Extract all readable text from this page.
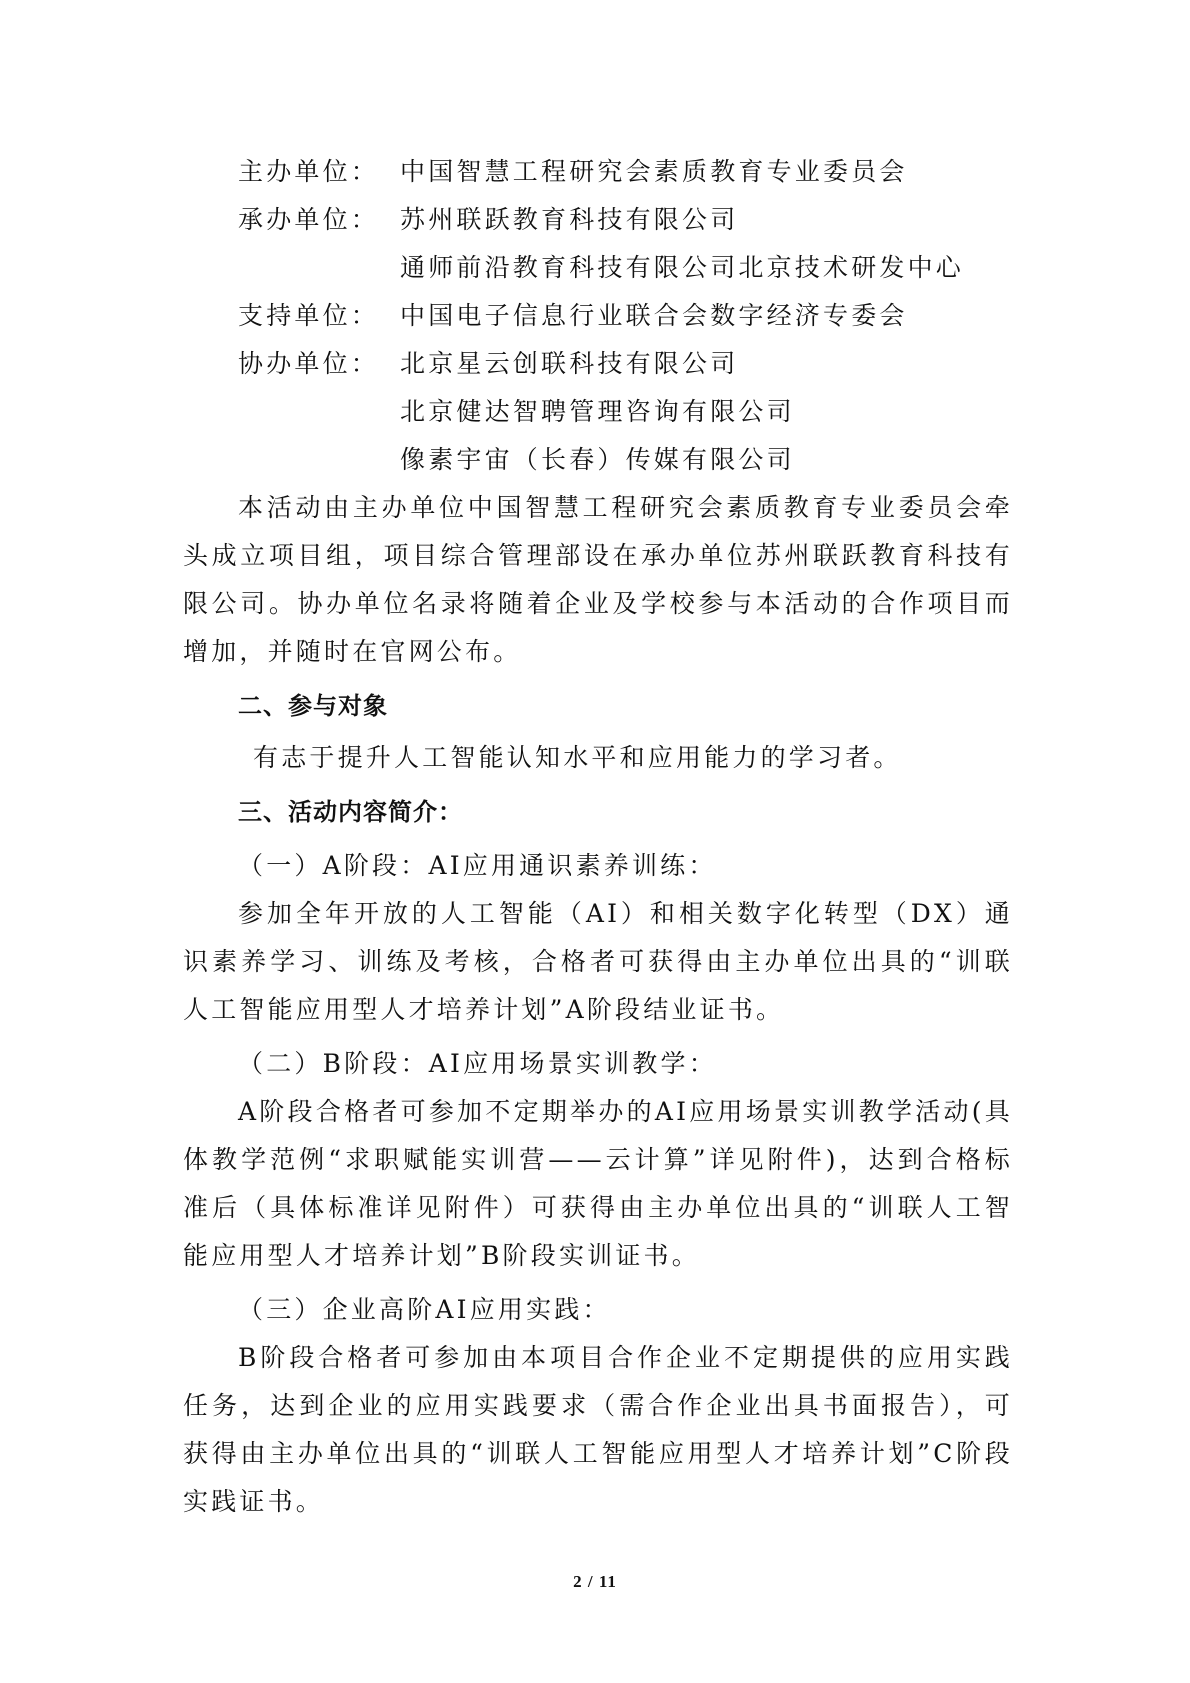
主办单位： 中国智慧工程研究会素质教育专业委员会
承办单位： 苏州联跃教育科技有限公司
通师前沿教育科技有限公司北京技术研发中心
支持单位： 中国电子信息行业联合会数字经济专委会
协办单位： 北京星云创联科技有限公司
北京健达智聘管理咨询有限公司
像素宇宙（长春）传媒有限公司

本活动由主办单位中国智慧工程研究会素质教育专业委员会牵头成立项目组，项目综合管理部设在承办单位苏州联跃教育科技有限公司。协办单位名录将随着企业及学校参与本活动的合作项目而增加，并随时在官网公布。

二、参与对象

有志于提升人工智能认知水平和应用能力的学习者。

三、活动内容简介：

（一）A阶段：AI应用通识素养训练：

参加全年开放的人工智能（AI）和相关数字化转型（DX）通识素养学习、训练及考核，合格者可获得由主办单位出具的“训联人工智能应用型人才培养计划”A阶段结业证书。

（二）B阶段：AI应用场景实训教学：

A阶段合格者可参加不定期举办的AI应用场景实训教学活动(具体教学范例“求职赋能实训营——云计算”详见附件)，达到合格标准后（具体标准详见附件）可获得由主办单位出具的“训联人工智能应用型人才培养计划”B阶段实训证书。

（三）企业高阶AI应用实践：

B阶段合格者可参加由本项目合作企业不定期提供的应用实践任务，达到企业的应用实践要求（需合作企业出具书面报告），可获得由主办单位出具的“训联人工智能应用型人才培养计划”C阶段实践证书。

2 / 11
